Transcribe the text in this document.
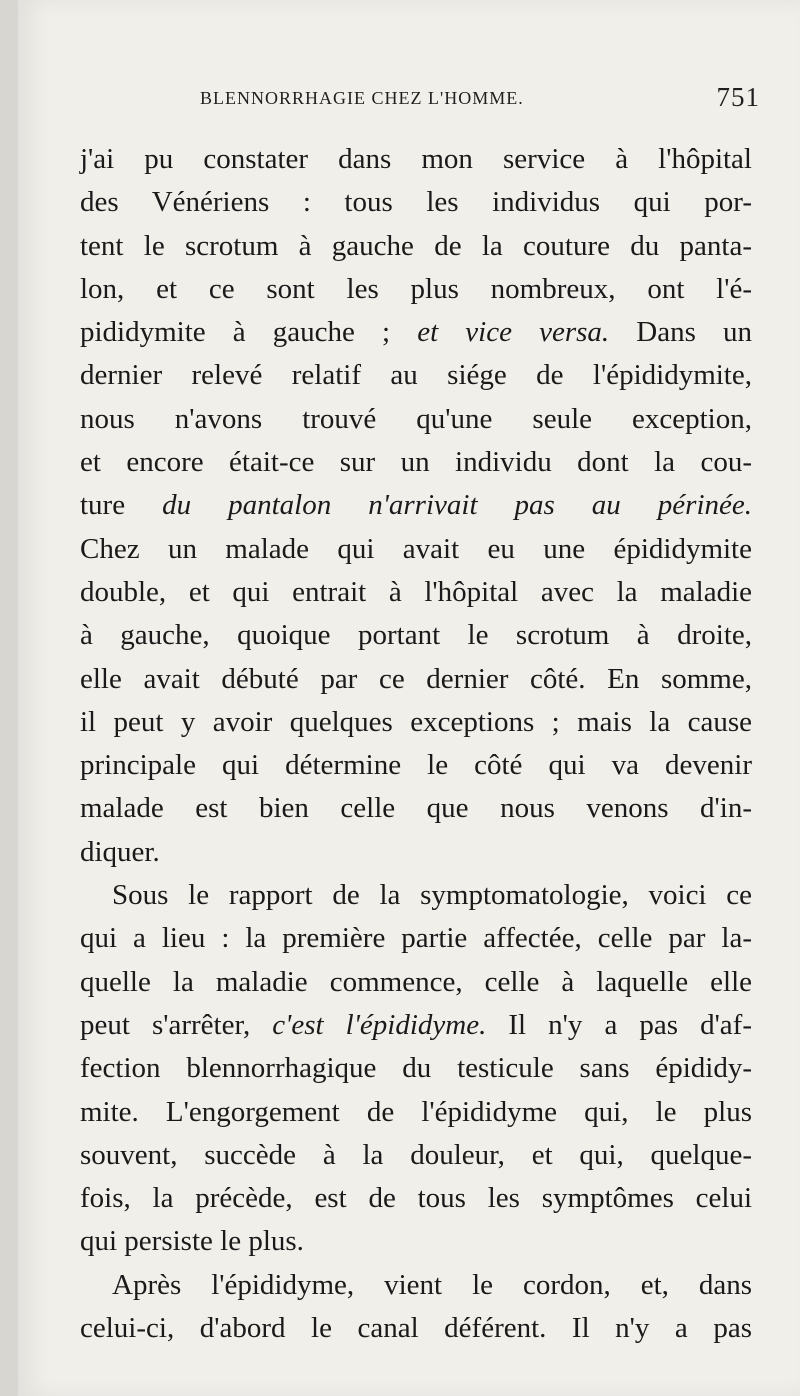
BLENNORRHAGIE CHEZ L'HOMME.	751
j'ai pu constater dans mon service à l'hôpital
des Vénériens : tous les individus qui por-
tent le scrotum à gauche de la couture du panta-
lon, et ce sont les plus nombreux, ont l'é-
pididymite à gauche ; et vice versa. Dans un
dernier relevé relatif au siége de l'épididymite,
nous n'avons trouvé qu'une seule exception,
et encore était-ce sur un individu dont la cou-
ture du pantalon n'arrivait pas au périnée.
Chez un malade qui avait eu une épididymite
double, et qui entrait à l'hôpital avec la maladie
à gauche, quoique portant le scrotum à droite,
elle avait débuté par ce dernier côté. En somme,
il peut y avoir quelques exceptions ; mais la cause
principale qui détermine le côté qui va devenir
malade est bien celle que nous venons d'in-
diquer.
Sous le rapport de la symptomatologie, voici ce
qui a lieu : la première partie affectée, celle par la-
quelle la maladie commence, celle à laquelle elle
peut s'arrêter, c'est l'épididyme. Il n'y a pas d'af-
fection blennorrhagique du testicule sans épididy-
mite. L'engorgement de l'épididyme qui, le plus
souvent, succède à la douleur, et qui, quelque-
fois, la précède, est de tous les symptômes celui
qui persiste le plus.
Après l'épididyme, vient le cordon, et, dans
celui-ci, d'abord le canal déférent. Il n'y a pas
